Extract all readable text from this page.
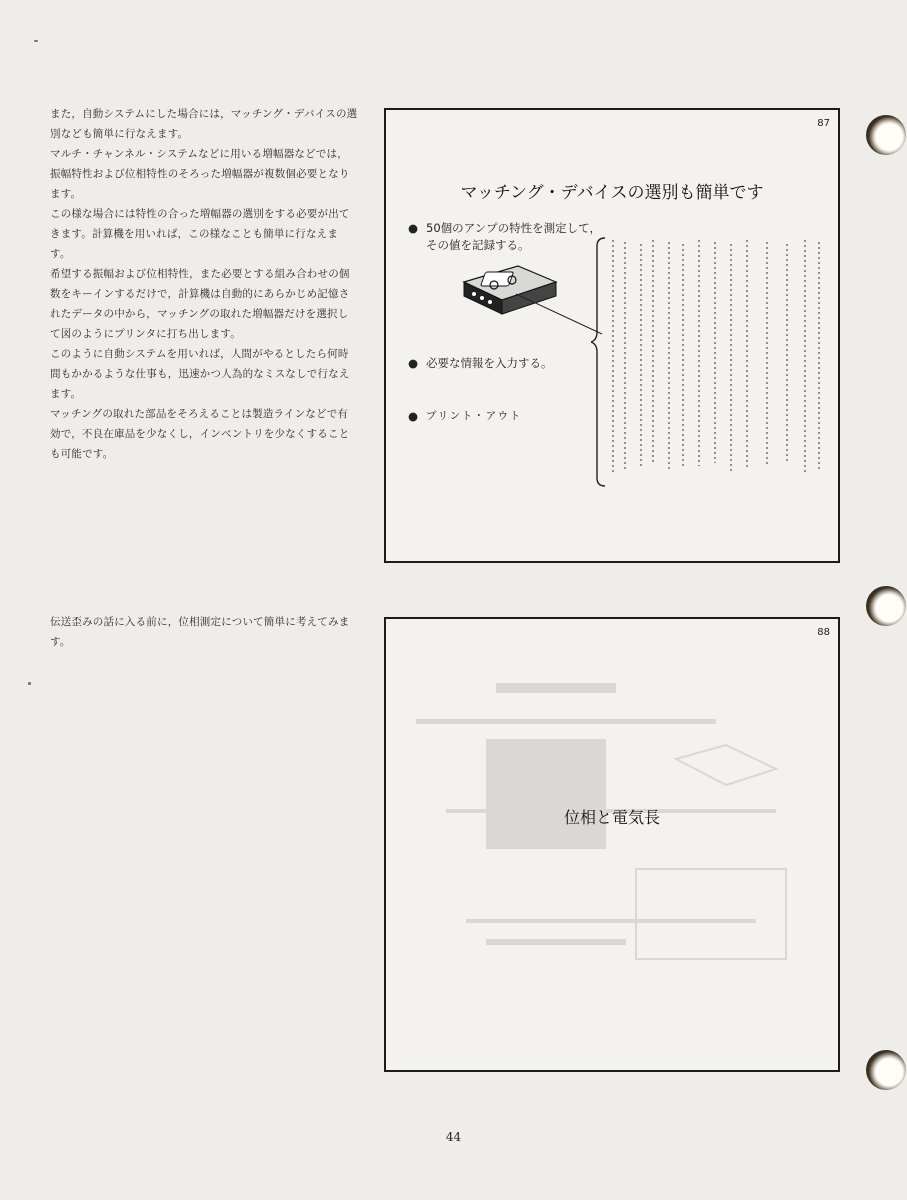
また，自動システムにした場合には，マッチング・デバイスの選別なども簡単に行なえます。

マルチ・チャンネル・システムなどに用いる増幅器などでは，振幅特性および位相特性のそろった増幅器が複数個必要となります。

この様な場合には特性の合った増幅器の選別をする必要が出てきます。計算機を用いれば，この様なことも簡単に行なえます。

希望する振幅および位相特性，また必要とする組み合わせの個数をキーインするだけで，計算機は自動的にあらかじめ記憶されたデータの中から，マッチングの取れた増幅器だけを選択して図のようにプリンタに打ち出します。

このように自動システムを用いれば，人間がやるとしたら何時間もかかるような仕事も，迅速かつ人為的なミスなしで行なえます。

マッチングの取れた部品をそろえることは製造ラインなどで有効で，不良在庫品を少なくし，インベントリを少なくすることも可能です。

87
マッチング・デバイスの選別も簡単です
● 50個のアンプの特性を測定して，その値を記録する。
● 必要な情報を入力する。
● プリント・アウト

伝送歪みの話に入る前に，位相測定について簡単に考えてみます。

88
位相と電気長
44
